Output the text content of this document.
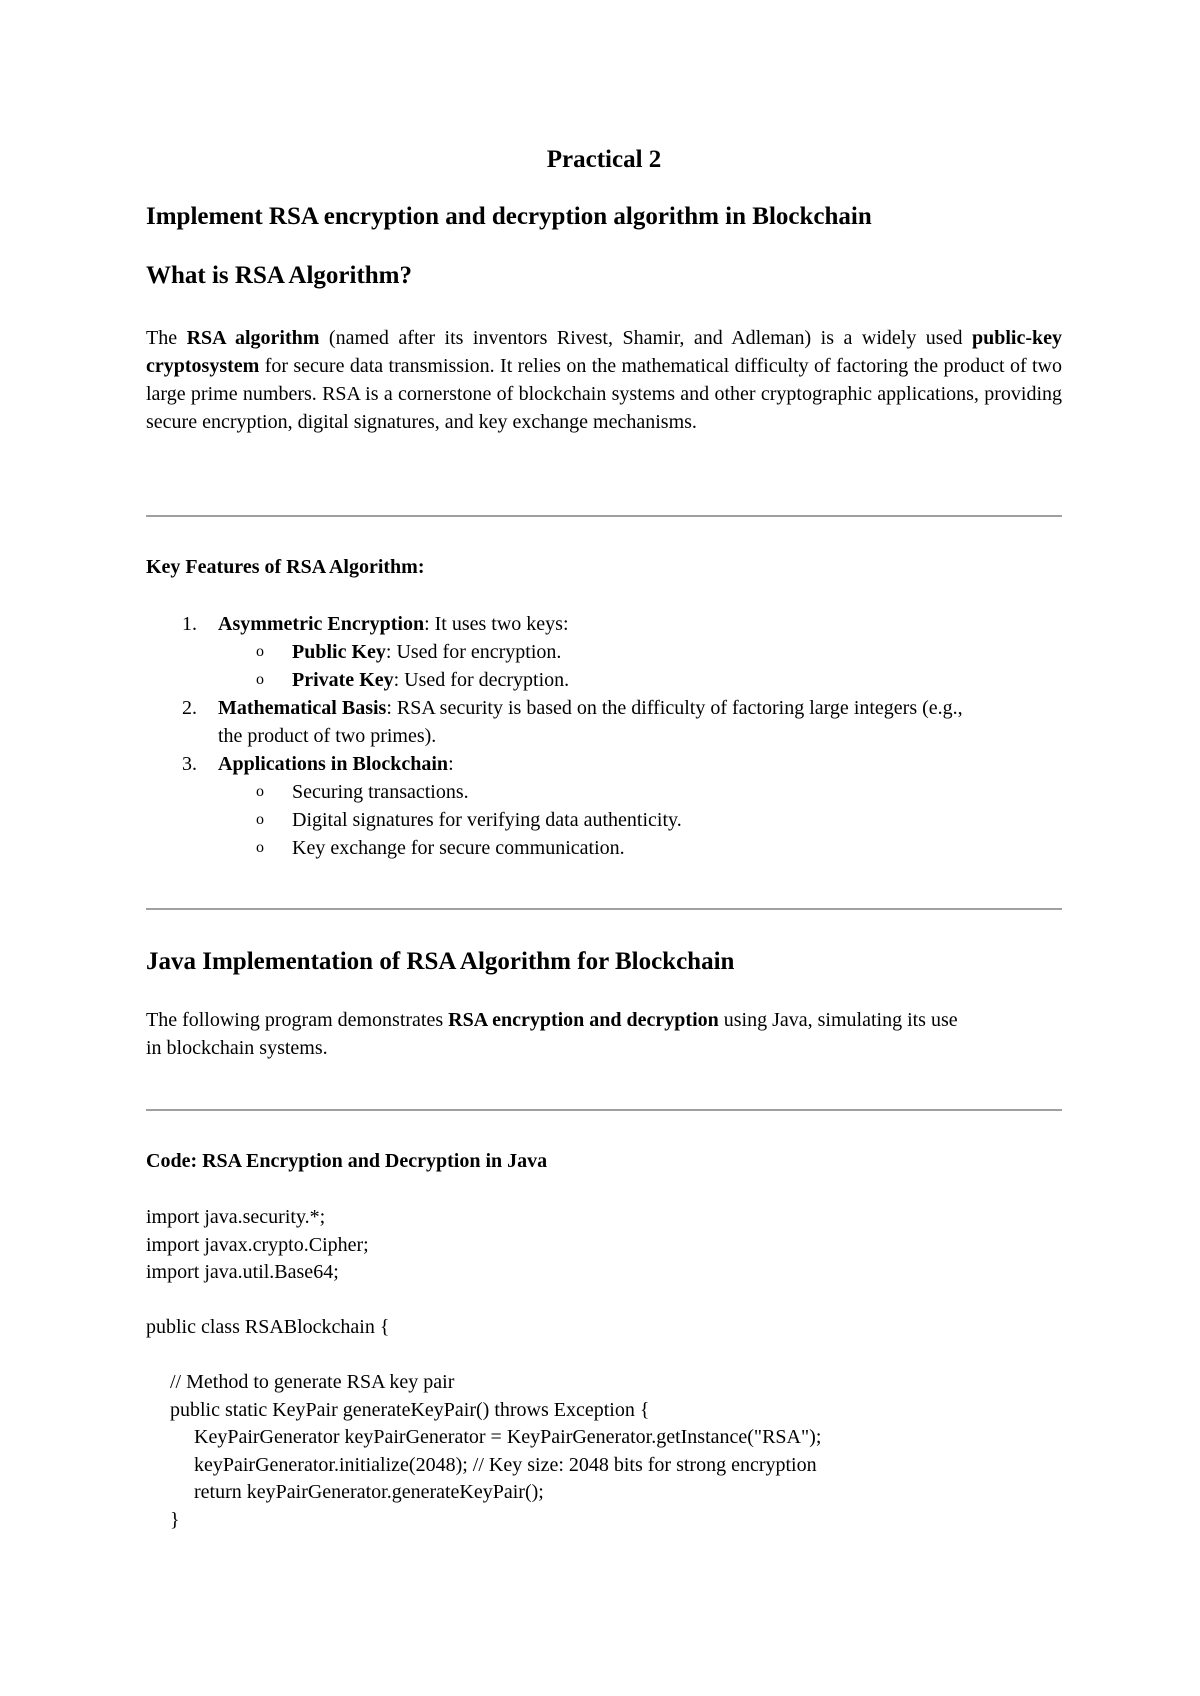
Practical 2
Implement RSA encryption and decryption algorithm in Blockchain
What is RSA Algorithm?

The RSA algorithm (named after its inventors Rivest, Shamir, and Adleman) is a widely used public-key cryptosystem for secure data transmission. It relies on the mathematical difficulty of factoring the product of two large prime numbers. RSA is a cornerstone of blockchain systems and other cryptographic applications, providing secure encryption, digital signatures, and key exchange mechanisms.

Key Features of RSA Algorithm:
1. Asymmetric Encryption: It uses two keys:
o Public Key: Used for encryption.
o Private Key: Used for decryption.
2. Mathematical Basis: RSA security is based on the difficulty of factoring large integers (e.g., the product of two primes).
3. Applications in Blockchain:
o Securing transactions.
o Digital signatures for verifying data authenticity.
o Key exchange for secure communication.
Java Implementation of RSA Algorithm for Blockchain

The following program demonstrates RSA encryption and decryption using Java, simulating its use in blockchain systems.

Code: RSA Encryption and Decryption in Java
import java.security.*;
import javax.crypto.Cipher;
import java.util.Base64;
public class RSABlockchain {
// Method to generate RSA key pair
public static KeyPair generateKeyPair() throws Exception {
KeyPairGenerator keyPairGenerator = KeyPairGenerator.getInstance("RSA");
keyPairGenerator.initialize(2048); // Key size: 2048 bits for strong encryption
return keyPairGenerator.generateKeyPair();
}
